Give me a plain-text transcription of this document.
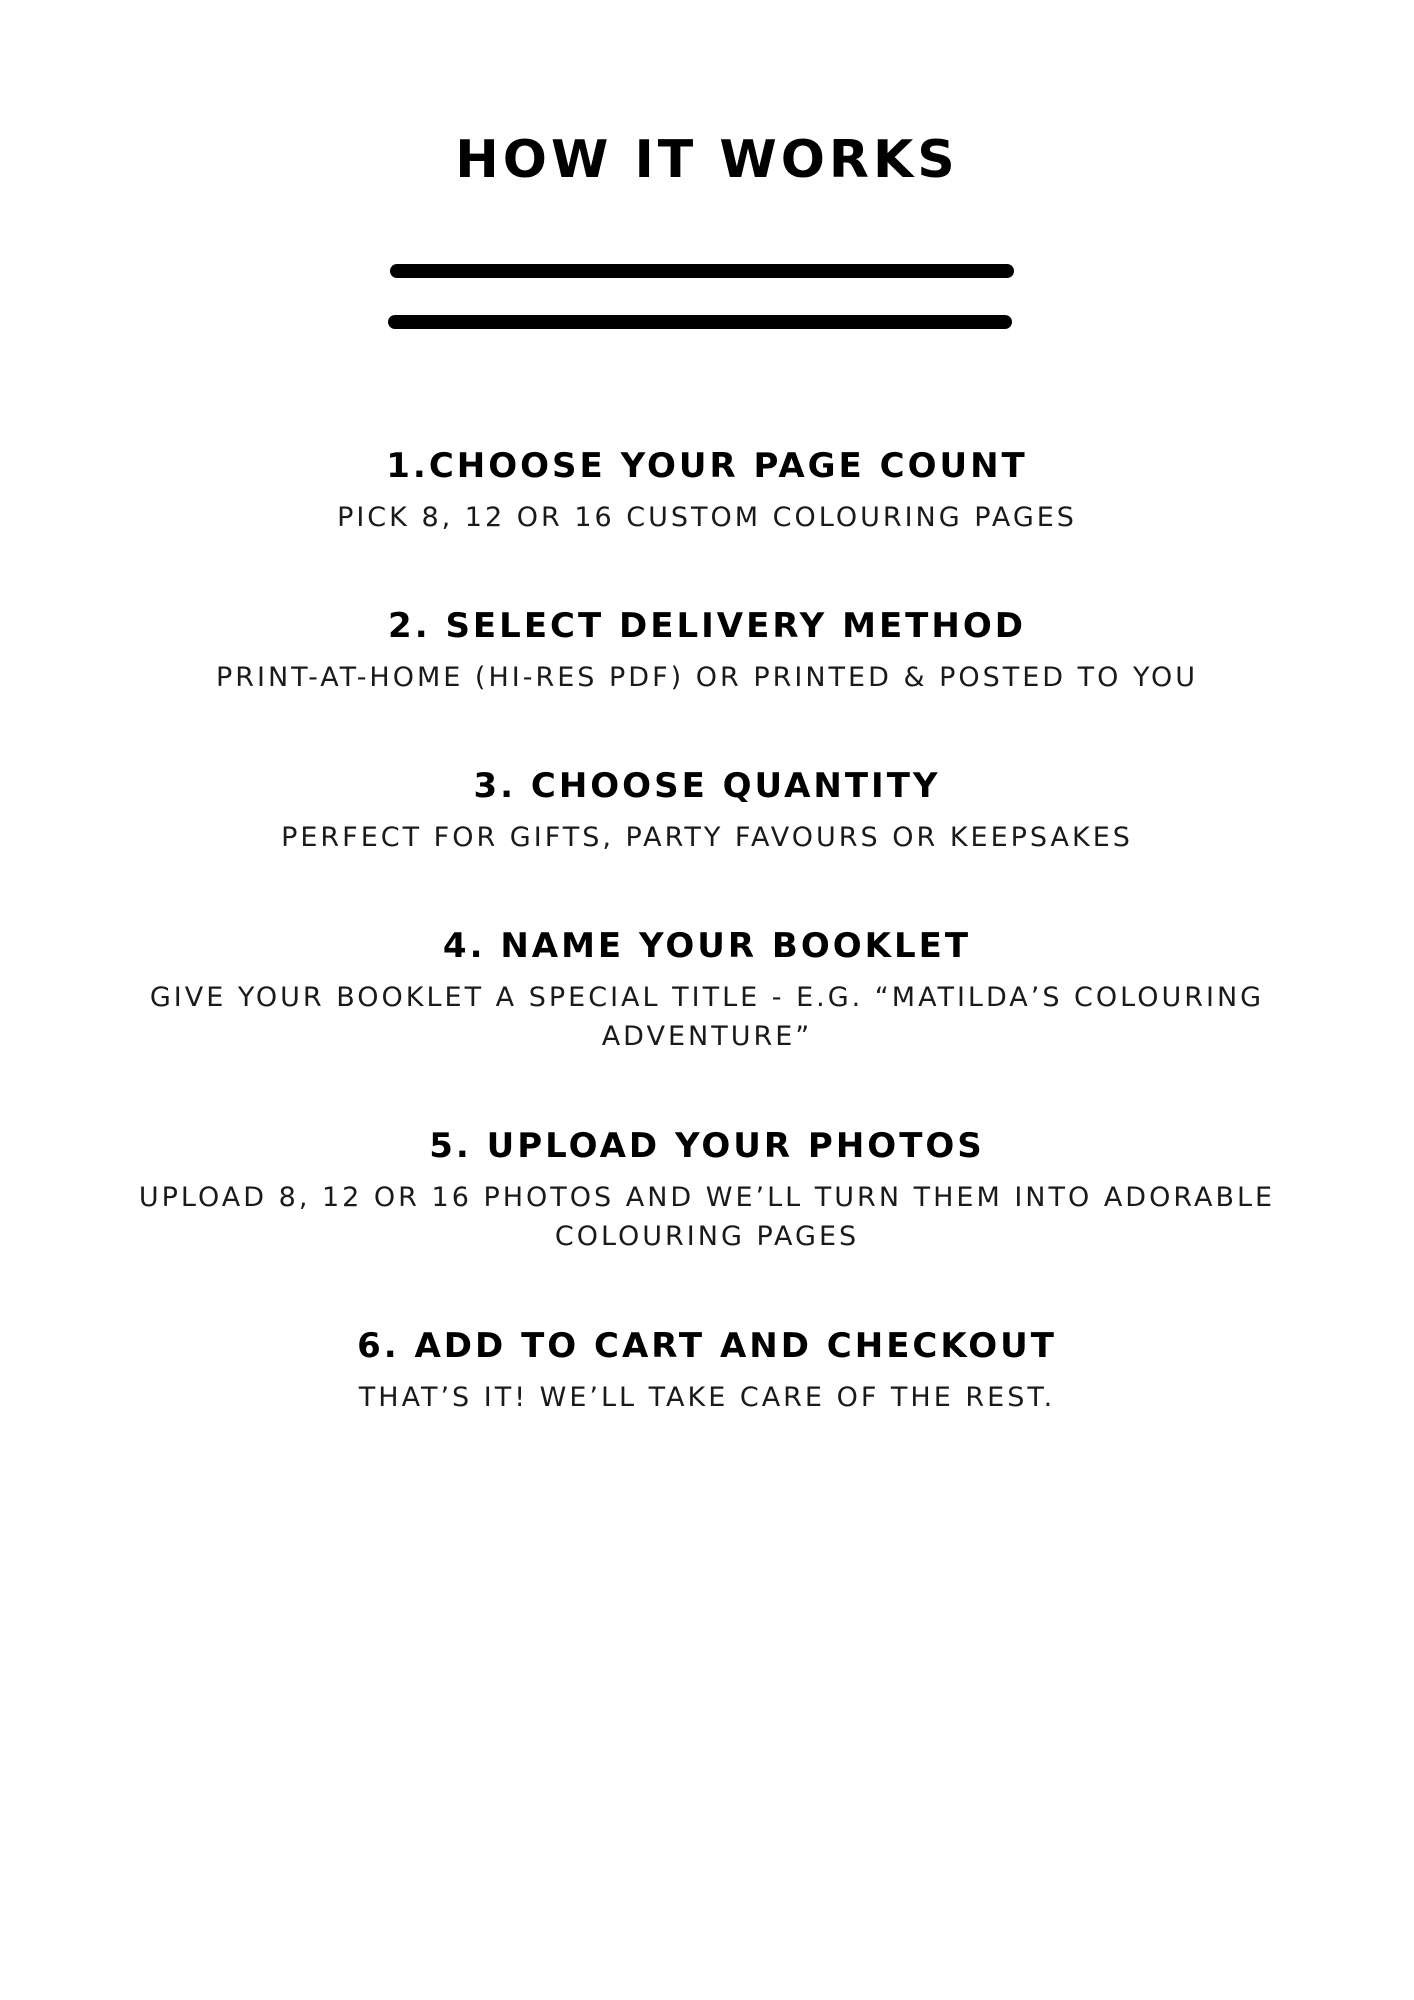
HOW IT WORKS
1.CHOOSE YOUR PAGE COUNT

PICK 8, 12 OR 16 CUSTOM COLOURING PAGES

2. SELECT DELIVERY METHOD

PRINT-AT-HOME (HI-RES PDF) OR PRINTED & POSTED TO YOU

3. CHOOSE QUANTITY

PERFECT FOR GIFTS, PARTY FAVOURS OR KEEPSAKES

4. NAME YOUR BOOKLET

GIVE YOUR BOOKLET A SPECIAL TITLE - E.G. “MATILDA’S COLOURING ADVENTURE”

5. UPLOAD YOUR PHOTOS

UPLOAD 8, 12 OR 16 PHOTOS AND WE’LL TURN THEM INTO ADORABLE COLOURING PAGES

6. ADD TO CART AND CHECKOUT

THAT’S IT! WE’LL TAKE CARE OF THE REST.
